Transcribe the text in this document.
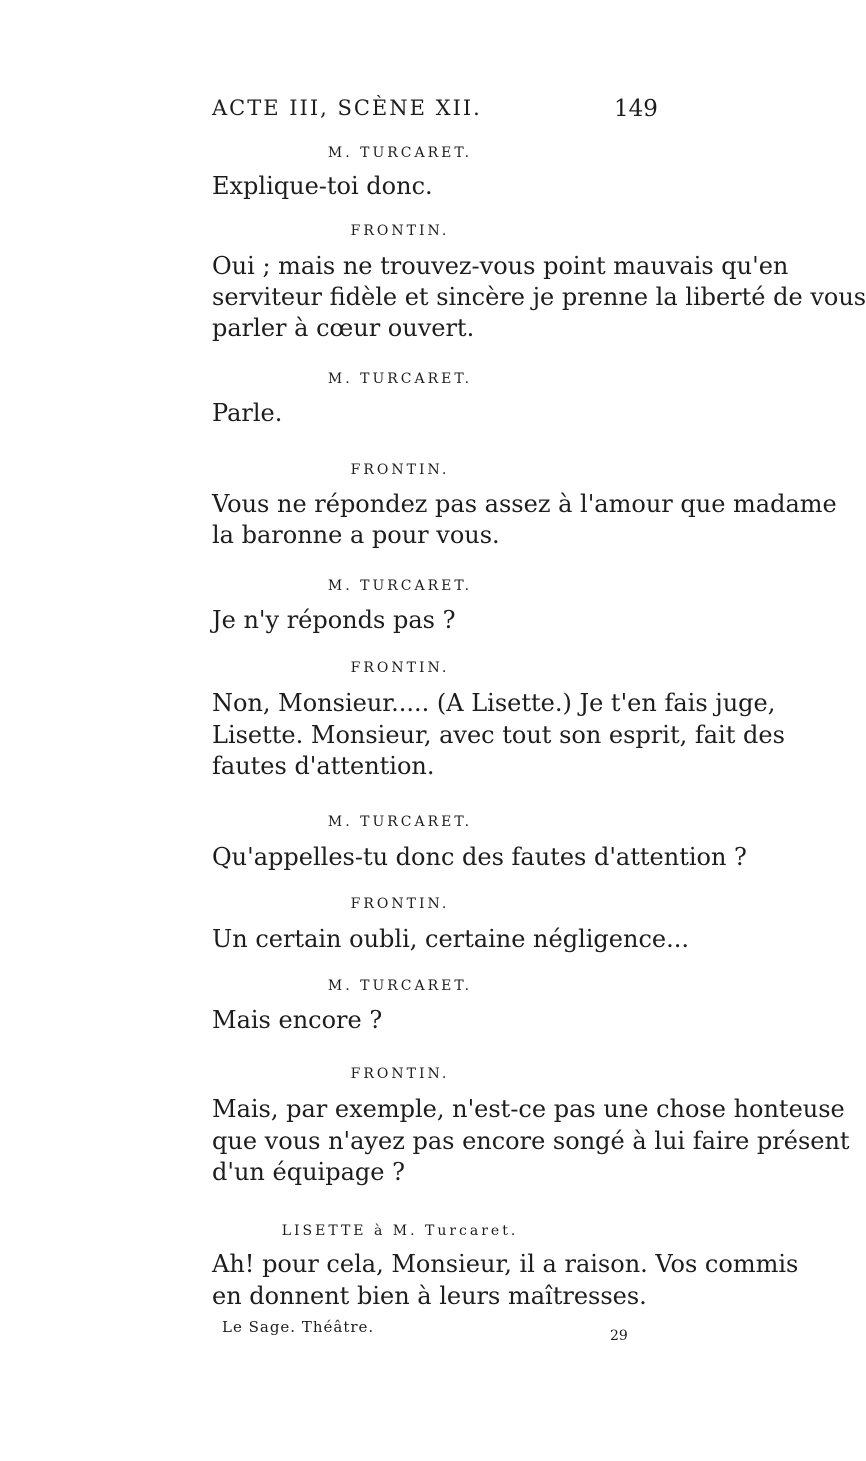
ACTE III, SCÈNE XII.	149
M. TURCARET.
Explique-toi donc.
FRONTIN.
Oui ; mais ne trouvez-vous point mauvais qu'en
serviteur fidèle et sincère je prenne la liberté de vous
parler à cœur ouvert.
M. TURCARET.
Parle.
FRONTIN.
Vous ne répondez pas assez à l'amour que madame
la baronne a pour vous.
M. TURCARET.
Je n'y réponds pas ?
FRONTIN.
Non, Monsieur..... (A Lisette.) Je t'en fais juge,
Lisette. Monsieur, avec tout son esprit, fait des
fautes d'attention.
M. TURCARET.
Qu'appelles-tu donc des fautes d'attention ?
FRONTIN.
Un certain oubli, certaine négligence...
M. TURCARET.
Mais encore ?
FRONTIN.
Mais, par exemple, n'est-ce pas une chose honteuse
que vous n'ayez pas encore songé à lui faire présent
d'un équipage ?
LISETTE à M. Turcaret.
Ah! pour cela, Monsieur, il a raison. Vos commis
en donnent bien à leurs maîtresses.
Le Sage. Théâtre.	29
